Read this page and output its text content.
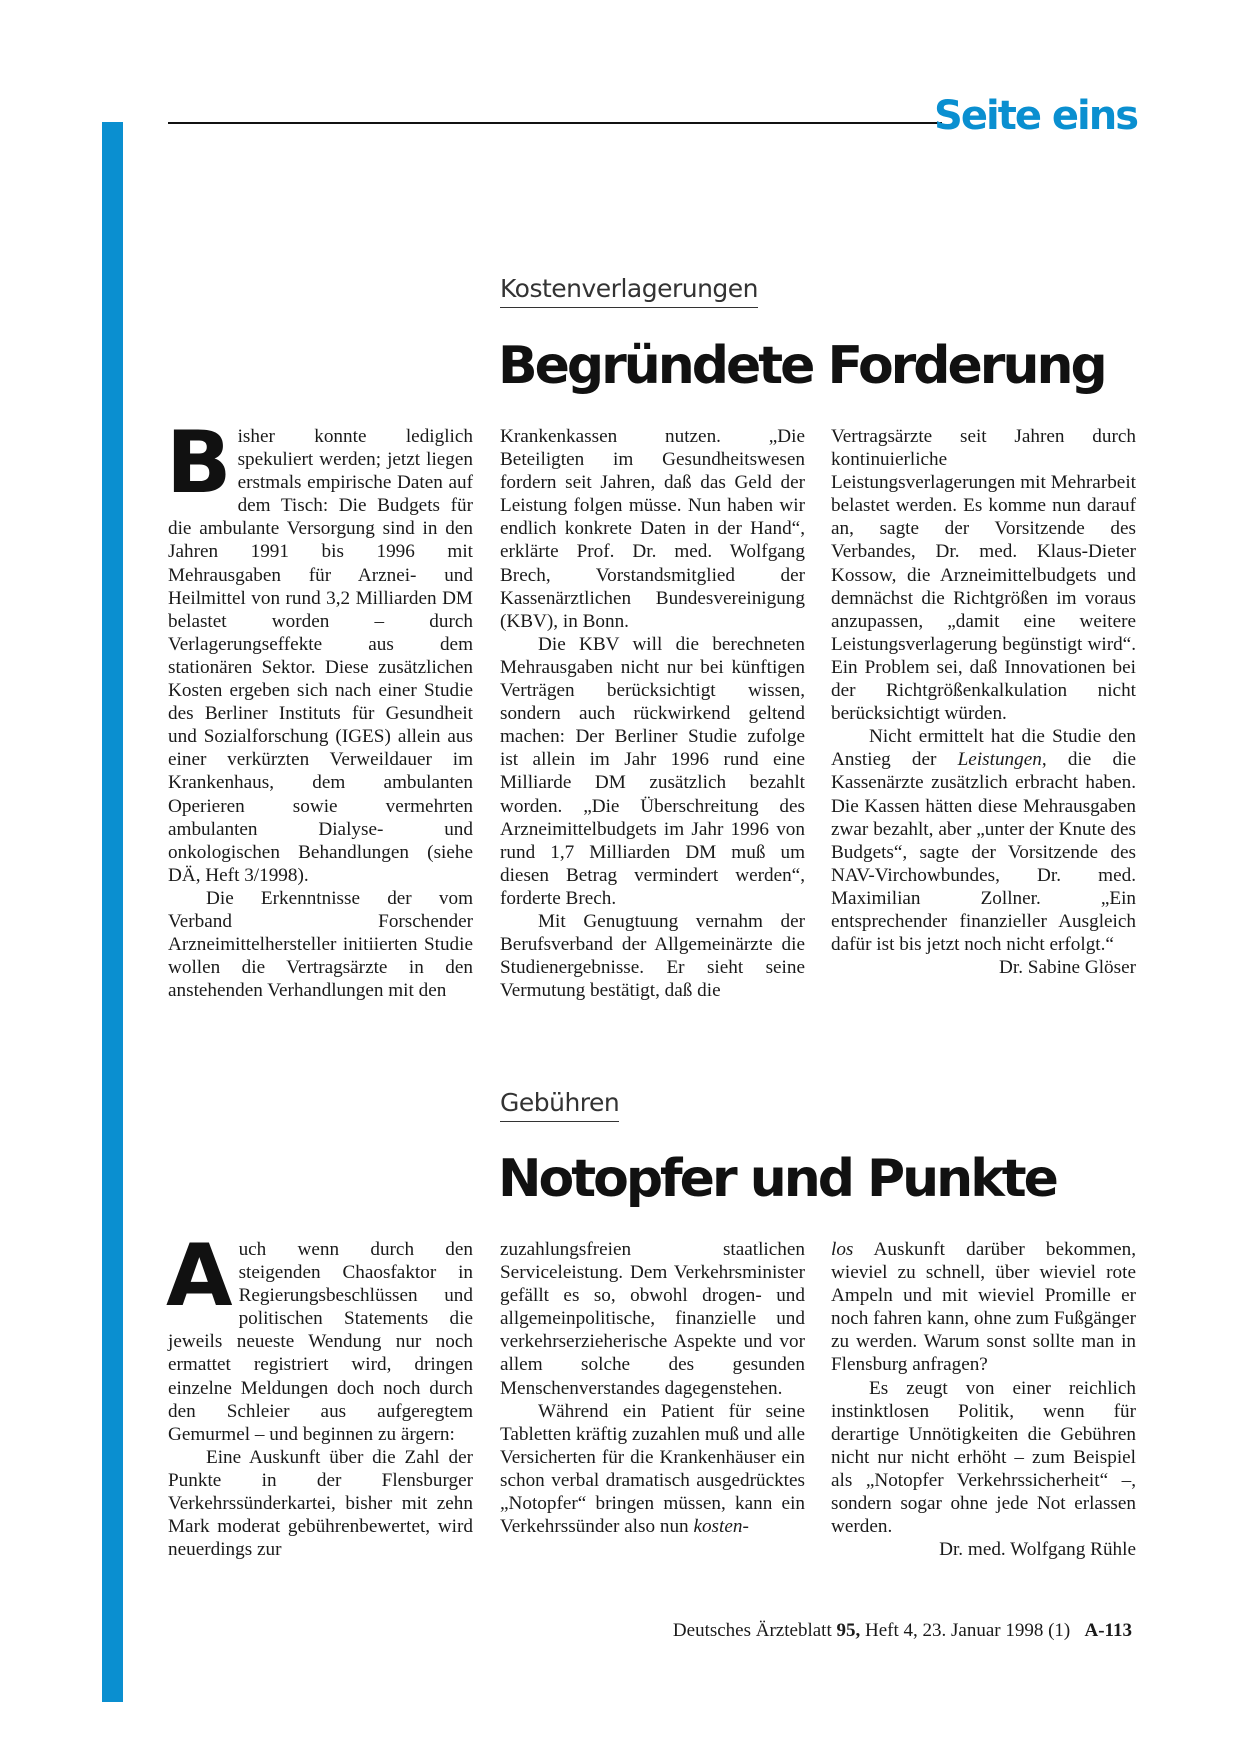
Seite eins
Kostenverlagerungen
Begründete Forderung

Bisher konnte lediglich spekuliert werden; jetzt liegen erstmals empirische Daten auf dem Tisch: Die Budgets für die ambulante Versorgung sind in den Jahren 1991 bis 1996 mit Mehrausgaben für Arznei- und Heilmittel von rund 3,2 Milliarden DM belastet worden – durch Verlagerungseffekte aus dem stationären Sektor. Diese zusätzlichen Kosten ergeben sich nach einer Studie des Berliner Instituts für Gesundheit und Sozialforschung (IGES) allein aus einer verkürzten Verweildauer im Krankenhaus, dem ambulanten Operieren sowie vermehrten ambulanten Dialyse- und onkologischen Behandlungen (siehe DÄ, Heft 3/1998).

Die Erkenntnisse der vom Verband Forschender Arzneimittelhersteller initiierten Studie wollen die Vertragsärzte in den anstehenden Verhandlungen mit den

Krankenkassen nutzen. „Die Beteiligten im Gesundheitswesen fordern seit Jahren, daß das Geld der Leistung folgen müsse. Nun haben wir endlich konkrete Daten in der Hand“, erklärte Prof. Dr. med. Wolfgang Brech, Vorstandsmitglied der Kassenärztlichen Bundesvereinigung (KBV), in Bonn.

Die KBV will die berechneten Mehrausgaben nicht nur bei künftigen Verträgen berücksichtigt wissen, sondern auch rückwirkend geltend machen: Der Berliner Studie zufolge ist allein im Jahr 1996 rund eine Milliarde DM zusätzlich bezahlt worden. „Die Überschreitung des Arzneimittelbudgets im Jahr 1996 von rund 1,7 Milliarden DM muß um diesen Betrag vermindert werden“, forderte Brech.

Mit Genugtuung vernahm der Berufsverband der Allgemeinärzte die Studienergebnisse. Er sieht seine Vermutung bestätigt, daß die

Vertragsärzte seit Jahren durch kontinuierliche Leistungsverlagerungen mit Mehrarbeit belastet werden. Es komme nun darauf an, sagte der Vorsitzende des Verbandes, Dr. med. Klaus-Dieter Kossow, die Arzneimittelbudgets und demnächst die Richtgrößen im voraus anzupassen, „damit eine weitere Leistungsverlagerung begünstigt wird“. Ein Problem sei, daß Innovationen bei der Richtgrößenkalkulation nicht berücksichtigt würden.

Nicht ermittelt hat die Studie den Anstieg der Leistungen, die die Kassenärzte zusätzlich erbracht haben. Die Kassen hätten diese Mehrausgaben zwar bezahlt, aber „unter der Knute des Budgets“, sagte der Vorsitzende des NAV-Virchowbundes, Dr. med. Maximilian Zollner. „Ein entsprechender finanzieller Ausgleich dafür ist bis jetzt noch nicht erfolgt.“

Dr. Sabine Glöser

Gebühren
Notopfer und Punkte

Auch wenn durch den steigenden Chaosfaktor in Regierungsbeschlüssen und politischen Statements die jeweils neueste Wendung nur noch ermattet registriert wird, dringen einzelne Meldungen doch noch durch den Schleier aus aufgeregtem Gemurmel – und beginnen zu ärgern:

Eine Auskunft über die Zahl der Punkte in der Flensburger Verkehrssünderkartei, bisher mit zehn Mark moderat gebührenbewertet, wird neuerdings zur

zuzahlungsfreien staatlichen Serviceleistung. Dem Verkehrsminister gefällt es so, obwohl drogen- und allgemeinpolitische, finanzielle und verkehrserzieherische Aspekte und vor allem solche des gesunden Menschenverstandes dagegenstehen.

Während ein Patient für seine Tabletten kräftig zuzahlen muß und alle Versicherten für die Krankenhäuser ein schon verbal dramatisch ausgedrücktes „Notopfer“ bringen müssen, kann ein Verkehrssünder also nun kosten-

los Auskunft darüber bekommen, wieviel zu schnell, über wieviel rote Ampeln und mit wieviel Promille er noch fahren kann, ohne zum Fußgänger zu werden. Warum sonst sollte man in Flensburg anfragen?

Es zeugt von einer reichlich instinktlosen Politik, wenn für derartige Unnötigkeiten die Gebühren nicht nur nicht erhöht – zum Beispiel als „Notopfer Verkehrssicherheit“ –, sondern sogar ohne jede Not erlassen werden.

Dr. med. Wolfgang Rühle

Deutsches Ärzteblatt 95, Heft 4, 23. Januar 1998 (1) A-113
